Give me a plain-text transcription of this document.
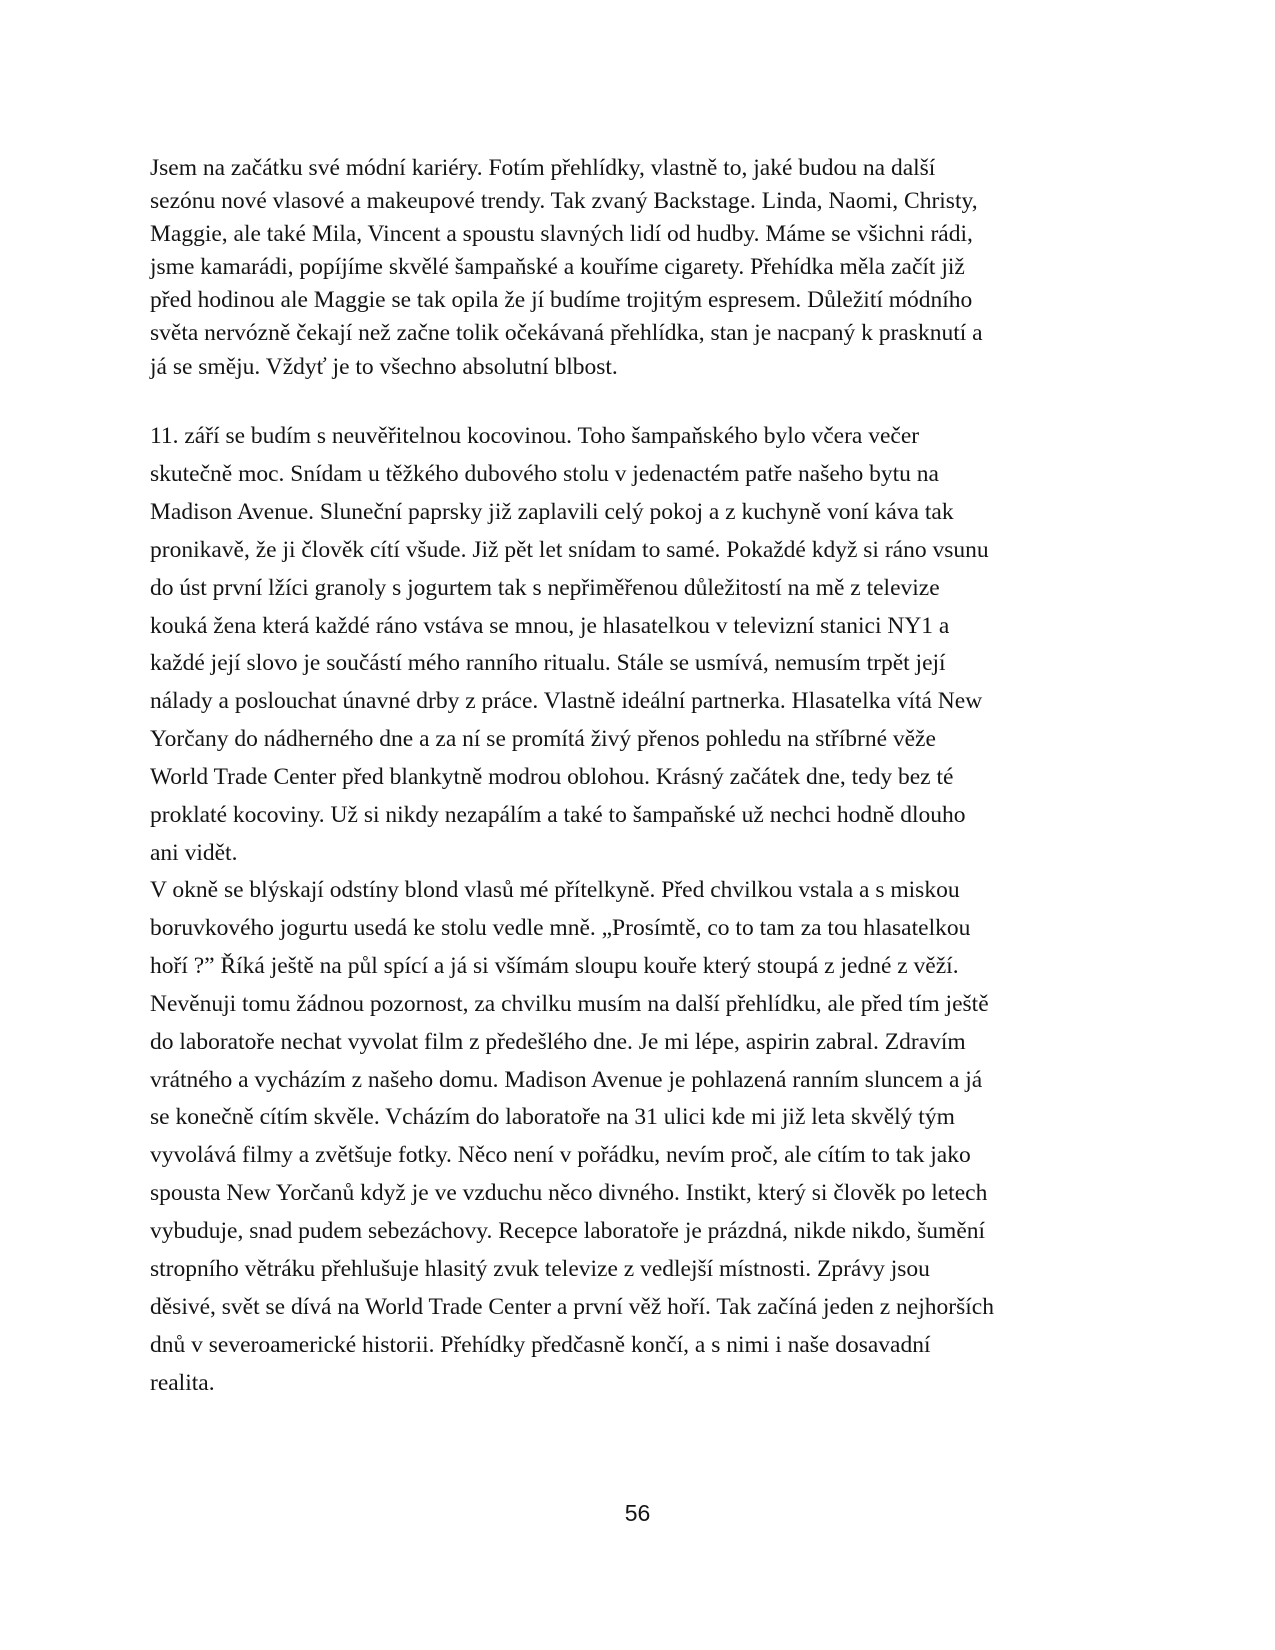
Jsem na začátku své módní kariéry. Fotím přehlídky, vlastně to, jaké budou na další
sezónu nové vlasové a makeupové trendy. Tak zvaný Backstage. Linda, Naomi, Christy,
Maggie, ale také Mila, Vincent a spoustu slavných lidí od hudby. Máme se všichni rádi,
jsme kamarádi, popíjíme skvělé šampaňské a kouříme cigarety. Přehídka měla začít již
před hodinou ale Maggie se tak opila že jí budíme trojitým espresem. Důležití módního
světa nervózně čekají než začne tolik očekávaná přehlídka, stan je nacpaný k prasknutí a
já se směju. Vždyť je to všechno absolutní blbost.

11. září se budím s neuvěřitelnou kocovinou. Toho šampaňského bylo včera večer
skutečně moc. Snídam u těžkého dubového stolu v jedenactém patře našeho bytu na
Madison Avenue. Sluneční paprsky již zaplavili celý pokoj a z kuchyně voní káva tak
pronikavě, že ji člověk cítí všude. Již pět let snídam to samé. Pokaždé když si ráno vsunu
do úst první lžíci granoly s jogurtem tak s nepřiměřenou důležitostí na mě z televize
kouká žena která každé ráno vstáva se mnou, je hlasatelkou v televizní stanici NY1 a
každé její slovo je součástí mého ranního ritualu. Stále se usmívá, nemusím trpět její
nálady a poslouchat únavné drby z práce. Vlastně ideální partnerka. Hlasatelka vítá New
Yorčany do nádherného dne a za ní se promítá živý přenos pohledu na stříbrné věže
World Trade Center před blankytně modrou oblohou. Krásný začátek dne, tedy bez té
proklaté kocoviny. Už si nikdy nezapálím a také to šampaňské už nechci hodně dlouho
ani vidět.

V okně se blýskají odstíny blond vlasů mé přítelkyně. Před chvilkou vstala a s miskou
boruvkového jogurtu usedá ke stolu vedle mně. „Prosímtě, co to tam za tou hlasatelkou
hoří ?” Říká ještě na půl spící a já si všímám sloupu kouře který stoupá z jedné z věží.
Nevěnuji tomu žádnou pozornost, za chvilku musím na další přehlídku, ale před tím ještě
do laboratoře nechat vyvolat film z předešlého dne. Je mi lépe, aspirin zabral. Zdravím
vrátného a vycházím z našeho domu. Madison Avenue je pohlazená ranním sluncem a já
se konečně cítím skvěle. Vcházím do laboratoře na 31 ulici kde mi již leta skvělý tým
vyvolává filmy a zvětšuje fotky. Něco není v pořádku, nevím proč, ale cítím to tak jako
spousta New Yorčanů když je ve vzduchu něco divného. Instikt, který si člověk po letech
vybuduje, snad pudem sebezáchovy. Recepce laboratoře je prázdná, nikde nikdo, šumění
stropního větráku přehlušuje hlasitý zvuk televize z vedlejší místnosti. Zprávy jsou
děsivé, svět se dívá na World Trade Center a první věž hoří. Tak začíná jeden z nejhorších
dnů v severoamerické historii. Přehídky předčasně končí, a s nimi i naše dosavadní
realita.

56
